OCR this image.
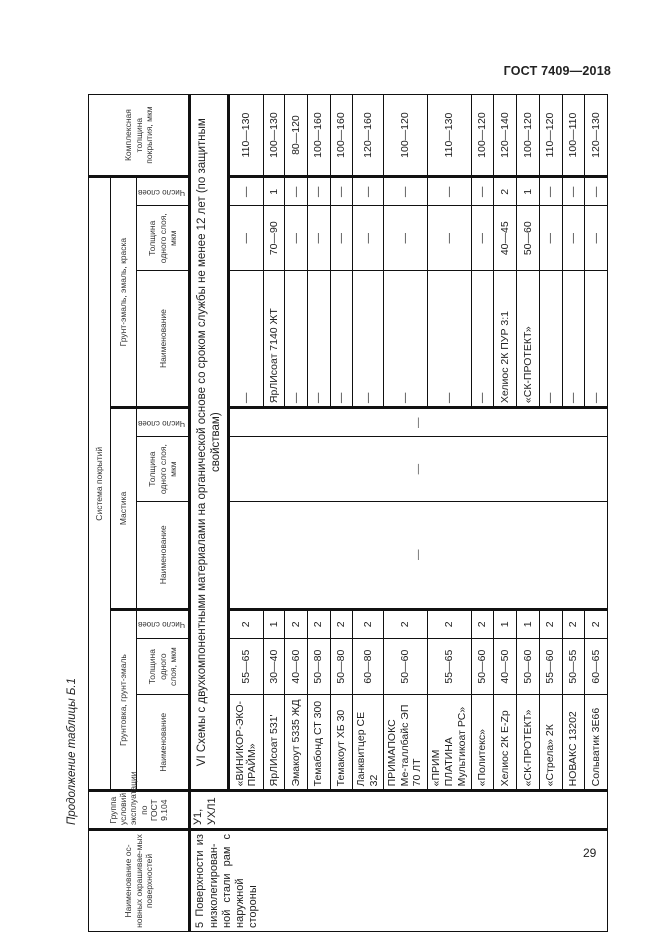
ГОСТ 7409—2018
Продолжение таблицы Б.1
29
Наименование ос-новных окрашивае-мых поверхностей	Группа условий эксплуатации по ГОСТ 9.104	Система покрытий									Комплексная толщина покрытия, мкм
		Грунтовка, грунт-эмаль			Мастика			Грунт-эмаль, эмаль, краска			
		Наименование	Толщина одного слоя, мкм	Число слоев	Наименование	Толщина одного слоя, мкм	Число слоев	Наименование	Толщина одного слоя, мкм	Число слоев	
5 Поверхности из низколегирован-ной стали рам с наружной стороны	У1, УХЛ1	VI Схемы с двухкомпонентными материалами на органической основе со сроком службы не менее 12 лет (по защитным свойствам)									
		«ВИНИКОР-ЭКО-ПРАЙМ»	55—65	2	—	—	—	—	—	—	110—130
		ЯрЛИсоат 531'	30—40	1				ЯрЛИсоат 7140 ЖТ	70—90	1	100—130
		Эмакоут 5335 ЖД	40—60	2				—	—	—	80—120
		Темабонд СТ 300	50—80	2				—	—	—	100—160
		Темакоут ХБ 30	50—80	2				—	—	—	100—160
		Ланквитцер СЕ 32	60—80	2				—	—	—	120—160
		ПРИМАПОКС Ме-таллбайс ЭП 70 ЛТ	50—60	2				—	—	—	100—120
		«ПРИМ ПЛАТИНА Мультикоат РС»	55—65	2				—	—	—	110—130
		«Политекс»	50—60	2				—	—	—	100—120
		Хелиос 2К Е-Zp	40—50	1				Хелиос 2К ПУР 3:1	40—45	2	120—140
		«СК-ПРОТЕКТ»	50—60	1				«СК-ПРОТЕКТ»	50—60	1	100—120
		«Стрела» 2К	55—60	2				—	—	—	110—120
		НОВАКС 13202	50—55	2				—	—	—	100—110
		Сольватик 3Е66	60—65	2				—	—	—	120—130
